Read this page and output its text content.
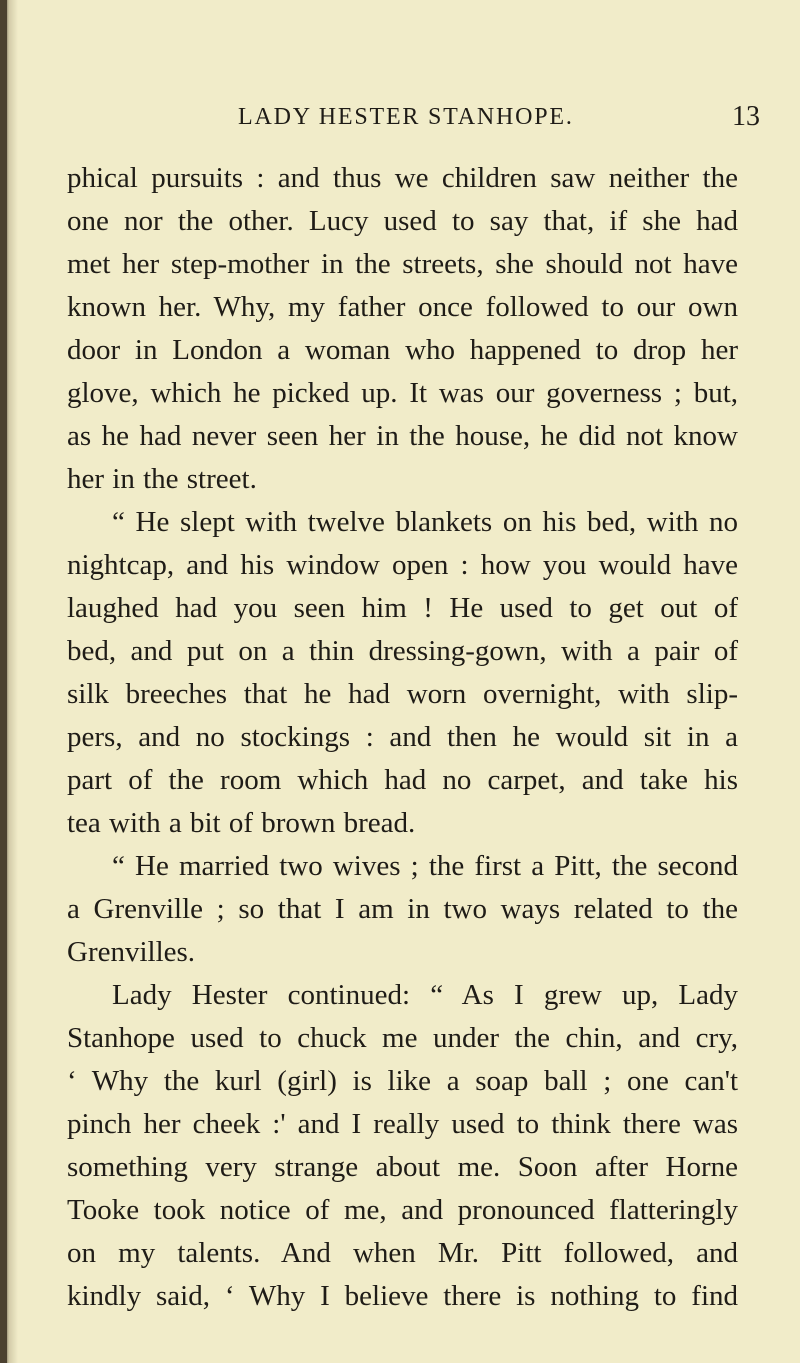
LADY HESTER STANHOPE.	13
phical pursuits : and thus we children saw neither the
one nor the other. Lucy used to say that, if she had
met her step-mother in the streets, she should not have
known her. Why, my father once followed to our own
door in London a woman who happened to drop her
glove, which he picked up. It was our governess ; but,
as he had never seen her in the house, he did not know
her in the street.
“ He slept with twelve blankets on his bed, with no
nightcap, and his window open : how you would have
laughed had you seen him ! He used to get out of
bed, and put on a thin dressing-gown, with a pair of
silk breeches that he had worn overnight, with slip-
pers, and no stockings : and then he would sit in a
part of the room which had no carpet, and take his
tea with a bit of brown bread.
“ He married two wives ; the first a Pitt, the second
a Grenville ; so that I am in two ways related to the
Grenvilles.
Lady Hester continued: “ As I grew up, Lady
Stanhope used to chuck me under the chin, and cry,
‘ Why the kurl (girl) is like a soap ball ; one can't
pinch her cheek :' and I really used to think there was
something very strange about me. Soon after Horne
Tooke took notice of me, and pronounced flatteringly
on my talents. And when Mr. Pitt followed, and
kindly said, ‘ Why I believe there is nothing to find
